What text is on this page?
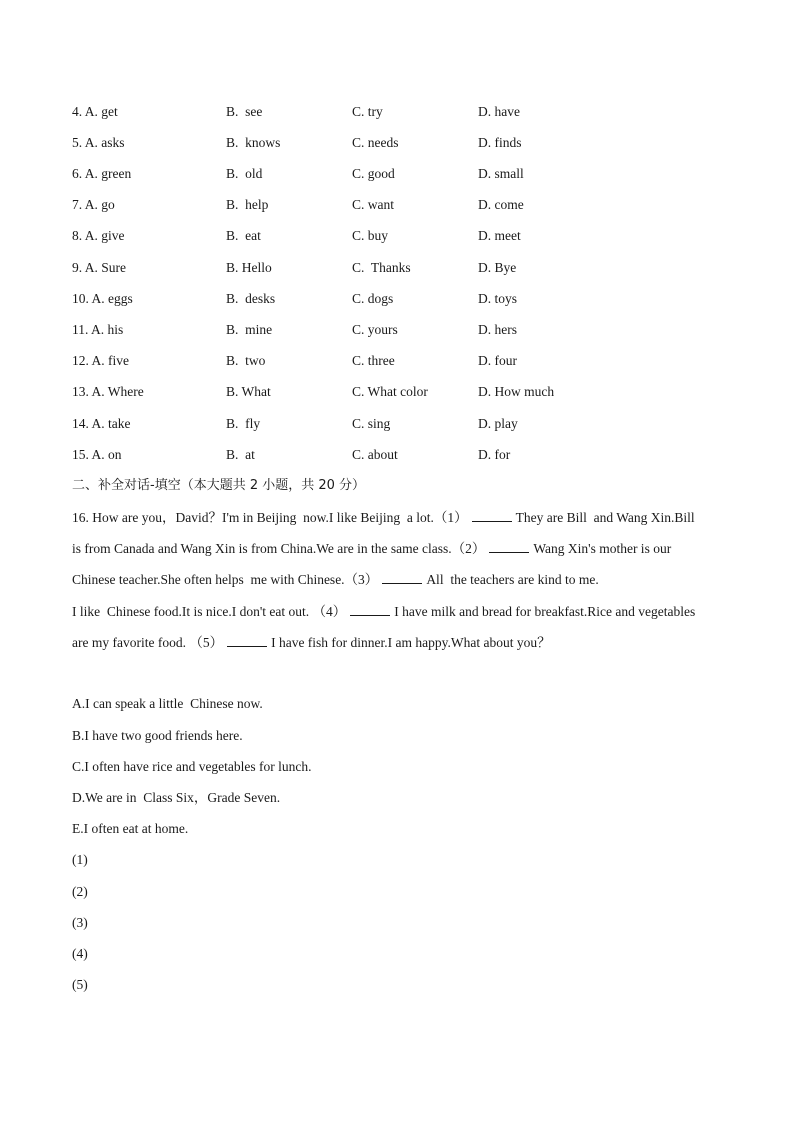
4. A. get	B.  see	C. try	D. have
5. A. asks	B.  knows	C. needs	D. finds
6. A. green	B.  old	C. good	D. small
7. A. go	B.  help	C. want	D. come
8. A. give	B.  eat	C. buy	D. meet
9. A. Sure	B. Hello	C.  Thanks	D. Bye
10. A. eggs	B.  desks	C. dogs	D. toys
11. A. his	B.  mine	C. yours	D. hers
12. A. five	B.  two	C. three	D. four
13. A. Where	B. What	C. What color	D. How much
14. A. take	B.  fly	C. sing	D. play
15. A. on	B.  at	C. about	D. for
二、补全对话-填空（本大题共 2 小题，共 20 分）
16. How are you，David？I'm in Beijing  now.I like Beijing  a lot.（1）	They are Bill  and Wang Xin.Bill
is from Canada and Wang Xin is from China.We are in the same class.（2）	Wang Xin's mother is our
Chinese teacher.She often helps  me with Chinese.（3）	All  the teachers are kind to me.
I like  Chinese food.It is nice.I don't eat out. （4）	I have milk and bread for breakfast.Rice and vegetables
are my favorite food. （5）	I have fish for dinner.I am happy.What about you？
A.I can speak a little  Chinese now.
B.I have two good friends here.
C.I often have rice and vegetables for lunch.
D.We are in  Class Six，Grade Seven.
E.I often eat at home.
(1)
(2)
(3)
(4)
(5)
